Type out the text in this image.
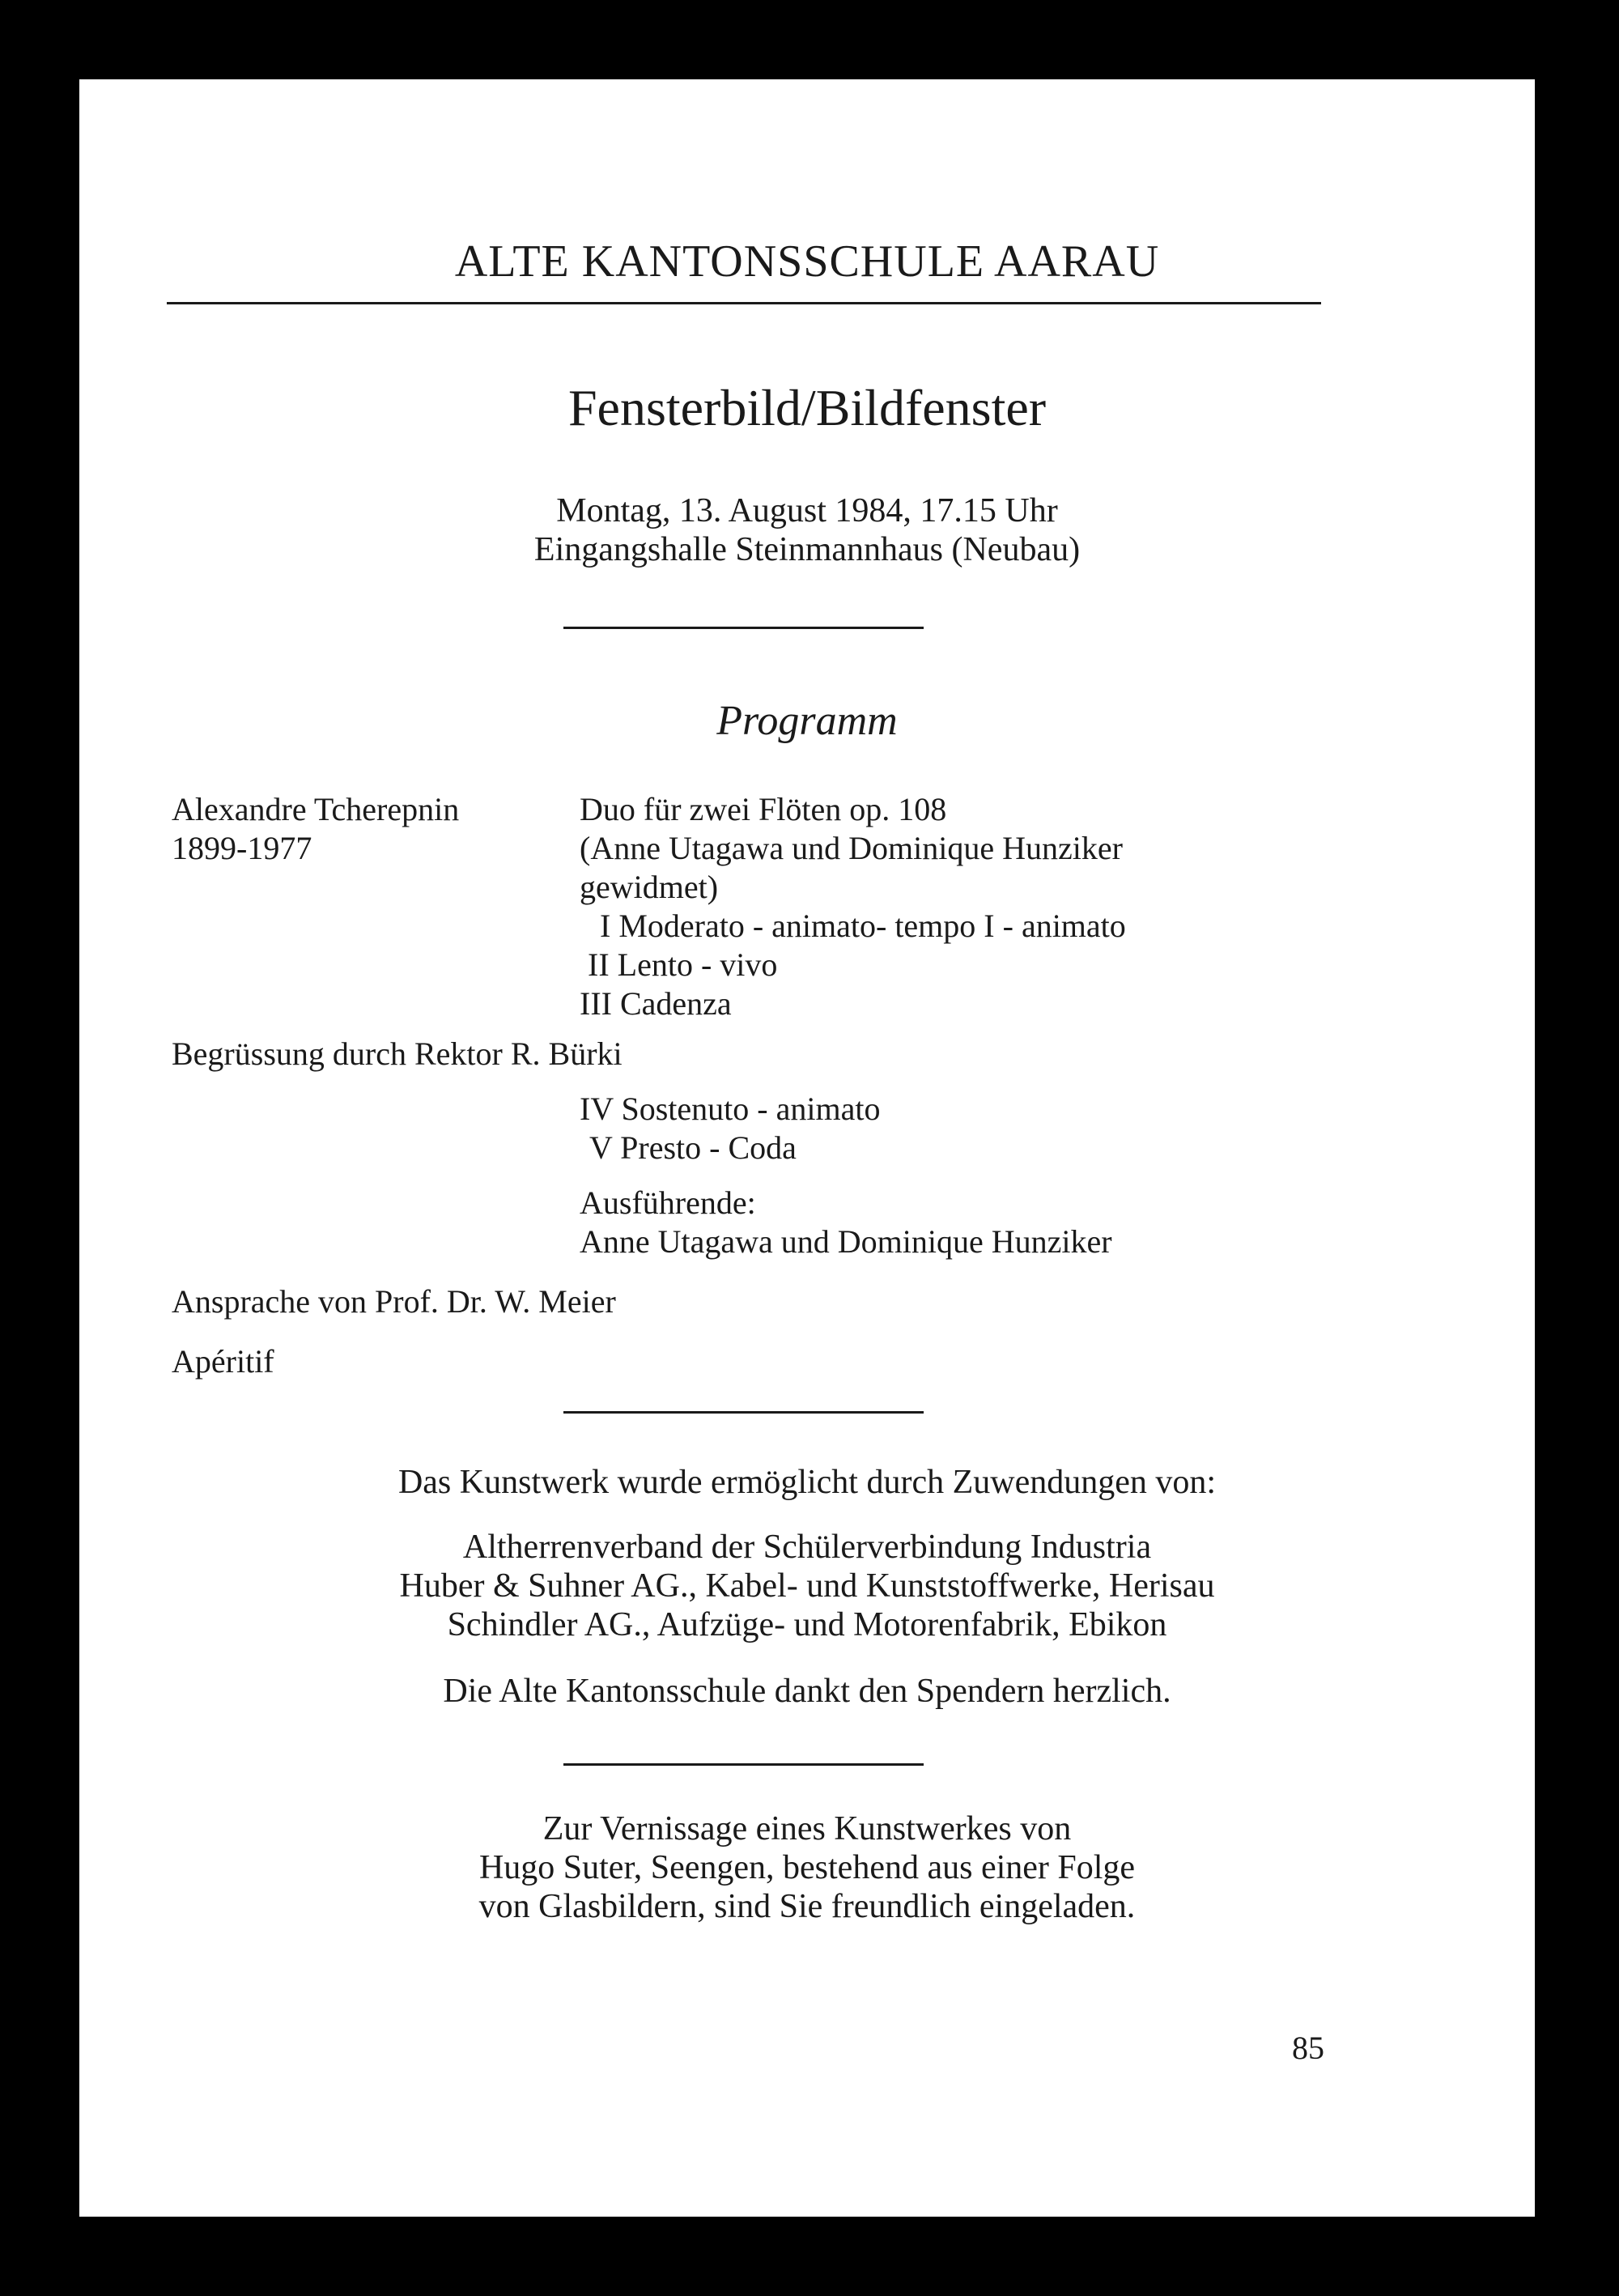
ALTE KANTONSSCHULE AARAU
Fensterbild/Bildfenster
Montag, 13. August 1984, 17.15 Uhr
Eingangshalle Steinmannhaus (Neubau)
Programm
Alexandre Tcherepnin
1899-1977
Duo für zwei Flöten op. 108
(Anne Utagawa und Dominique Hunziker
gewidmet)
I Moderato - animato- tempo I - animato
II Lento - vivo
III Cadenza
Begrüssung durch Rektor R. Bürki
IV Sostenuto - animato
V Presto - Coda
Ausführende:
Anne Utagawa und Dominique Hunziker
Ansprache von Prof. Dr. W. Meier
Apéritif
Das Kunstwerk wurde ermöglicht durch Zuwendungen von:
Altherrenverband der Schülerverbindung Industria
Huber & Suhner AG., Kabel- und Kunststoffwerke, Herisau
Schindler AG., Aufzüge- und Motorenfabrik, Ebikon
Die Alte Kantonsschule dankt den Spendern herzlich.
Zur Vernissage eines Kunstwerkes von
Hugo Suter, Seengen, bestehend aus einer Folge
von Glasbildern, sind Sie freundlich eingeladen.
85
